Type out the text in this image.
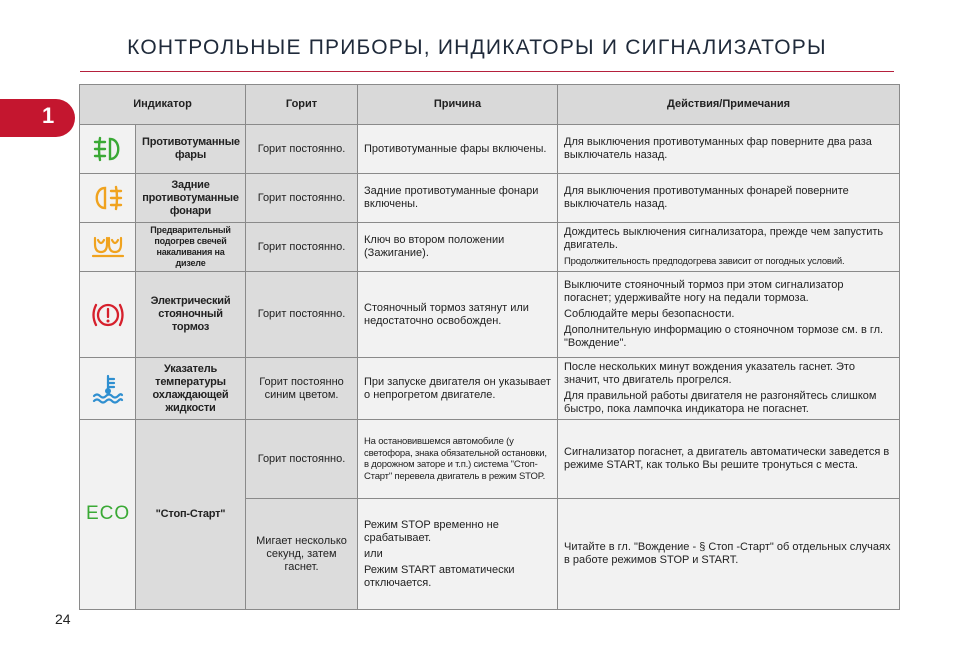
КОНТРОЛЬНЫЕ ПРИБОРЫ, ИНДИКАТОРЫ И СИГНАЛИЗАТОРЫ
1	Индикатор		Горит	Причина	Действия/Примечания
	Противотуманные фары	Горит постоянно.	Противотуманные фары включены.	Для выключения противотуманных фар поверните два раза выключатель назад.
	Задние противотуманные фонари	Горит постоянно.	Задние противотуманные фонари включены.	Для выключения противотуманных фонарей поверните выключатель назад.
	Предварительный подогрев свечей накаливания на дизеле	Горит постоянно.	Ключ во втором положении (Зажигание).	Дождитесь выключения сигнализатора, прежде чем запустить двигатель.
Продолжительность предподогрева зависит от погодных условий.

	Электрический стояночный тормоз	Горит постоянно.	Стояночный тормоз затянут или недостаточно освобожден.	Выключите стояночный тормоз при этом сигнализатор погаснет; удерживайте ногу на педали тормоза.
Соблюдайте меры безопасности.
Дополнительную информацию о стояночном тормозе см. в гл. "Вождение".

	Указатель температуры охлаждающей жидкости	Горит постоянно синим цветом.	При запуске двигателя он указывает о непрогретом двигателе.	После нескольких минут вождения указатель гаснет. Это значит, что двигатель прогрелся.
Для правильной работы двигателя не разгоняйтесь слишком быстро, пока лампочка индикатора не погаснет.

ECO	"Стоп-Старт"	Горит постоянно.	На остановившемся автомобиле (у светофора, знака обязательной остановки, в дорожном заторе и т.п.) система "Стоп-Старт" перевела двигатель в режим STOP.	Сигнализатор погаснет, а двигатель автоматически заведется в режиме START, как только Вы решите тронуться с места.
		Мигает несколько секунд, затем гаснет.	Режим STOP временно не срабатывает.
или
Режим START автоматически отключается.	Читайте в гл. "Вождение - § Стоп -Старт" об отдельных случаях в работе режимов STOP и START.
24
